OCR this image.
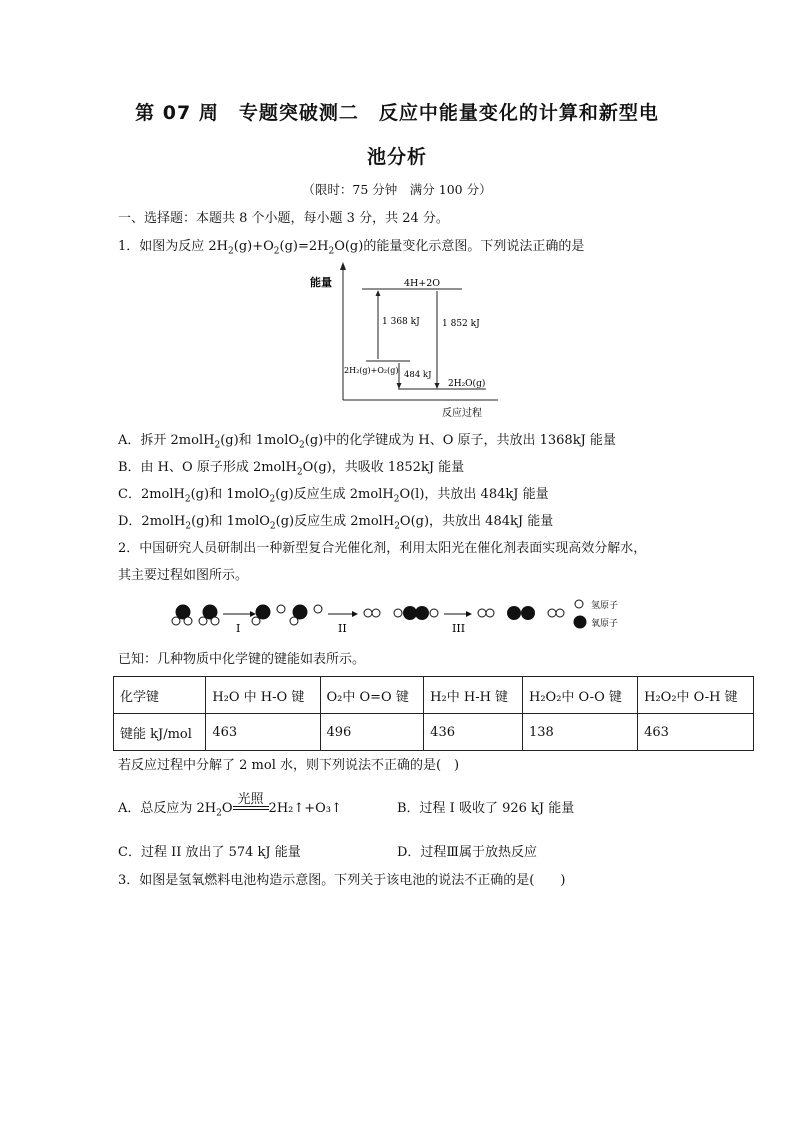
第 07 周　专题突破测二　反应中能量变化的计算和新型电
池分析
（限时：75 分钟　满分 100 分）
一、选择题：本题共 8 个小题，每小题 3 分，共 24 分。
1．如图为反应 $2H_2(g)+O_2(g)=2H_2O(g)$的能量变化示意图。下列说法正确的是
能量
反应过程
4H+2O
2H₂(g)+O₂(g)
2H₂O(g)
1 368 kJ 1 852 kJ
484 kJ
A．拆开 2molH$_2$(g)和 1molO$_2$(g)中的化学键成为 H、O 原子，共放出 1368kJ 能量
B．由 H、O 原子形成 2molH$_2$O(g)，共吸收 1852kJ 能量
C．2molH$_2$(g)和 1molO$_2$(g)反应生成 2molH$_2$O(l)，共放出 484kJ 能量
D．2molH$_2$(g)和 1molO$_2$(g)反应生成 2molH$_2$O(g)，共放出 484kJ 能量
2．中国研究人员研制出一种新型复合光催化剂，利用太阳光在催化剂表面实现高效分解水，
其主要过程如图所示。
I	II	III
氢原子
氧原子
已知：几种物质中化学键的键能如表所示。
化学键	H₂O 中 H-O 键	O₂中 O=O 键	H₂中 H-H 键	H₂O₂中 O-O 键	H₂O₂中 O-H 键
键能 kJ/mol	463	496	436	138	463
若反应过程中分解了 2 mol 水，则下列说法不正确的是(　)
A．总反应为 $2H_2O$
光照
2H₂↑+O₃↑	B．过程 I 吸收了 926 kJ 能量
C．过程 II 放出了 574 kJ 能量	D．过程Ⅲ属于放热反应
3．如图是氢氧燃料电池构造示意图。下列关于该电池的说法不正确的是(　　)
